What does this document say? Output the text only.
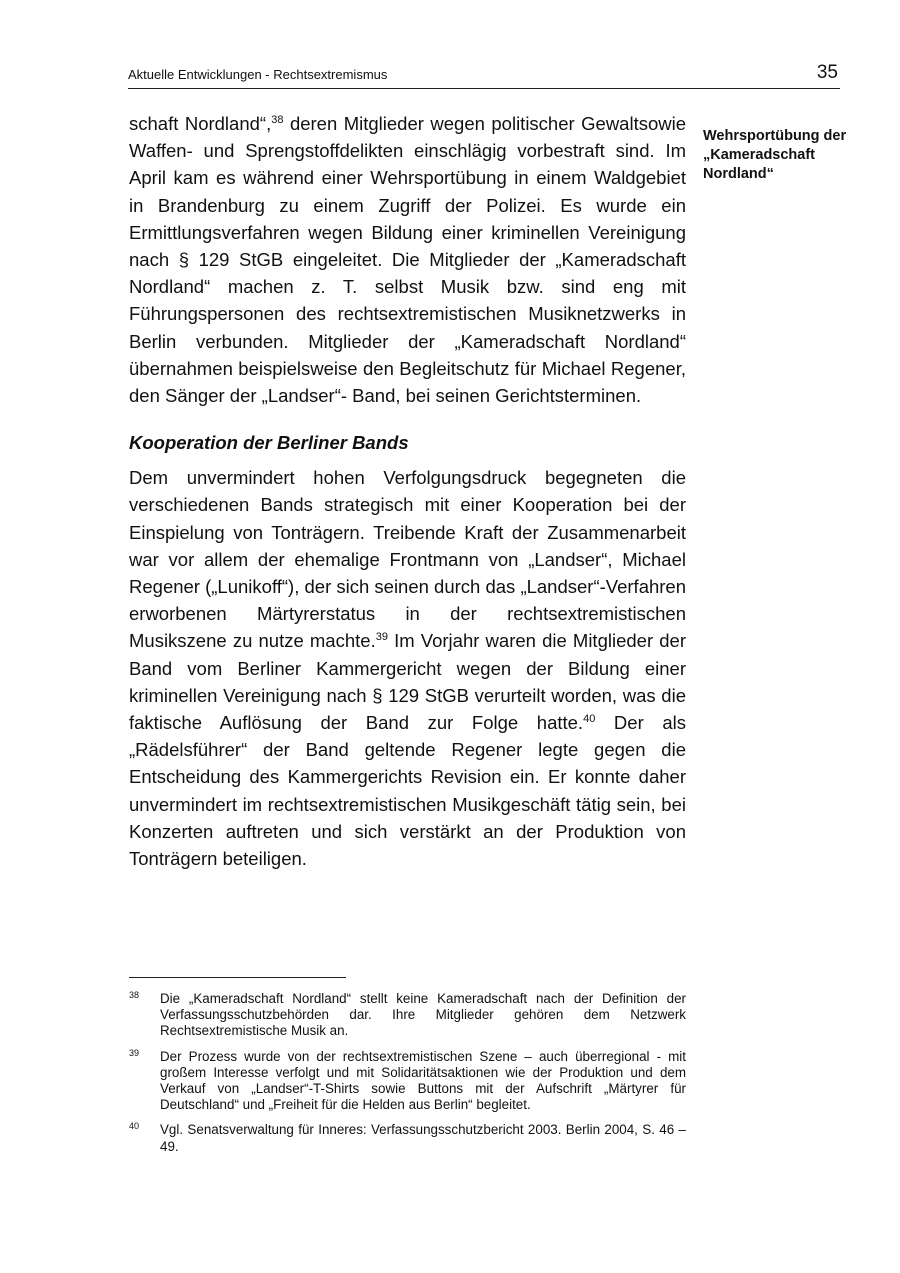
Aktuelle Entwicklungen - Rechtsextremismus	35
Wehrsportübung der
„Kameradschaft
Nordland“

schaft Nordland“,$^{38}$ deren Mitglieder wegen politischer Gewaltsowie Waffen- und Sprengstoffdelikten einschlägig vorbestraft sind. Im April kam es während einer Wehrsportübung in einem Waldgebiet in Brandenburg zu einem Zugriff der Polizei. Es wurde ein Ermittlungsverfahren wegen Bildung einer kriminellen Vereinigung nach § 129 StGB eingeleitet. Die Mitglieder der „Kameradschaft Nordland“ machen z. T. selbst Musik bzw. sind eng mit Führungspersonen des rechtsextremistischen Musiknetzwerks in Berlin verbunden. Mitglieder der „Kameradschaft Nordland“ übernahmen beispielsweise den Begleitschutz für Michael Regener, den Sänger der „Landser“- Band, bei seinen Gerichtsterminen.

Kooperation der Berliner Bands

Dem unvermindert hohen Verfolgungsdruck begegneten die verschiedenen Bands strategisch mit einer Kooperation bei der Einspielung von Tonträgern. Treibende Kraft der Zusammenarbeit war vor allem der ehemalige Frontmann von „Landser“, Michael Regener („Lunikoff“), der sich seinen durch das „Landser“-Verfahren erworbenen Märtyrerstatus in der rechtsextremistischen Musikszene zu nutze machte.$^{39}$ Im Vorjahr waren die Mitglieder der Band vom Berliner Kammergericht wegen der Bildung einer kriminellen Vereinigung nach § 129 StGB verurteilt worden, was die faktische Auflösung der Band zur Folge hatte.$^{40}$ Der als „Rädelsführer“ der Band geltende Regener legte gegen die Entscheidung des Kammergerichts Revision ein. Er konnte daher unvermindert im rechtsextremistischen Musikgeschäft tätig sein, bei Konzerten auftreten und sich verstärkt an der Produktion von Tonträgern beteiligen.

38 Die „Kameradschaft Nordland“ stellt keine Kameradschaft nach der Definition der Verfassungsschutzbehörden dar. Ihre Mitglieder gehören dem Netzwerk Rechtsextremistische Musik an.
39 Der Prozess wurde von der rechtsextremistischen Szene – auch überregional - mit großem Interesse verfolgt und mit Solidaritätsaktionen wie der Produktion und dem Verkauf von „Landser“-T-Shirts sowie Buttons mit der Aufschrift „Märtyrer für Deutschland“ und „Freiheit für die Helden aus Berlin“ begleitet.
40 Vgl. Senatsverwaltung für Inneres: Verfassungsschutzbericht 2003. Berlin 2004, S. 46 – 49.
